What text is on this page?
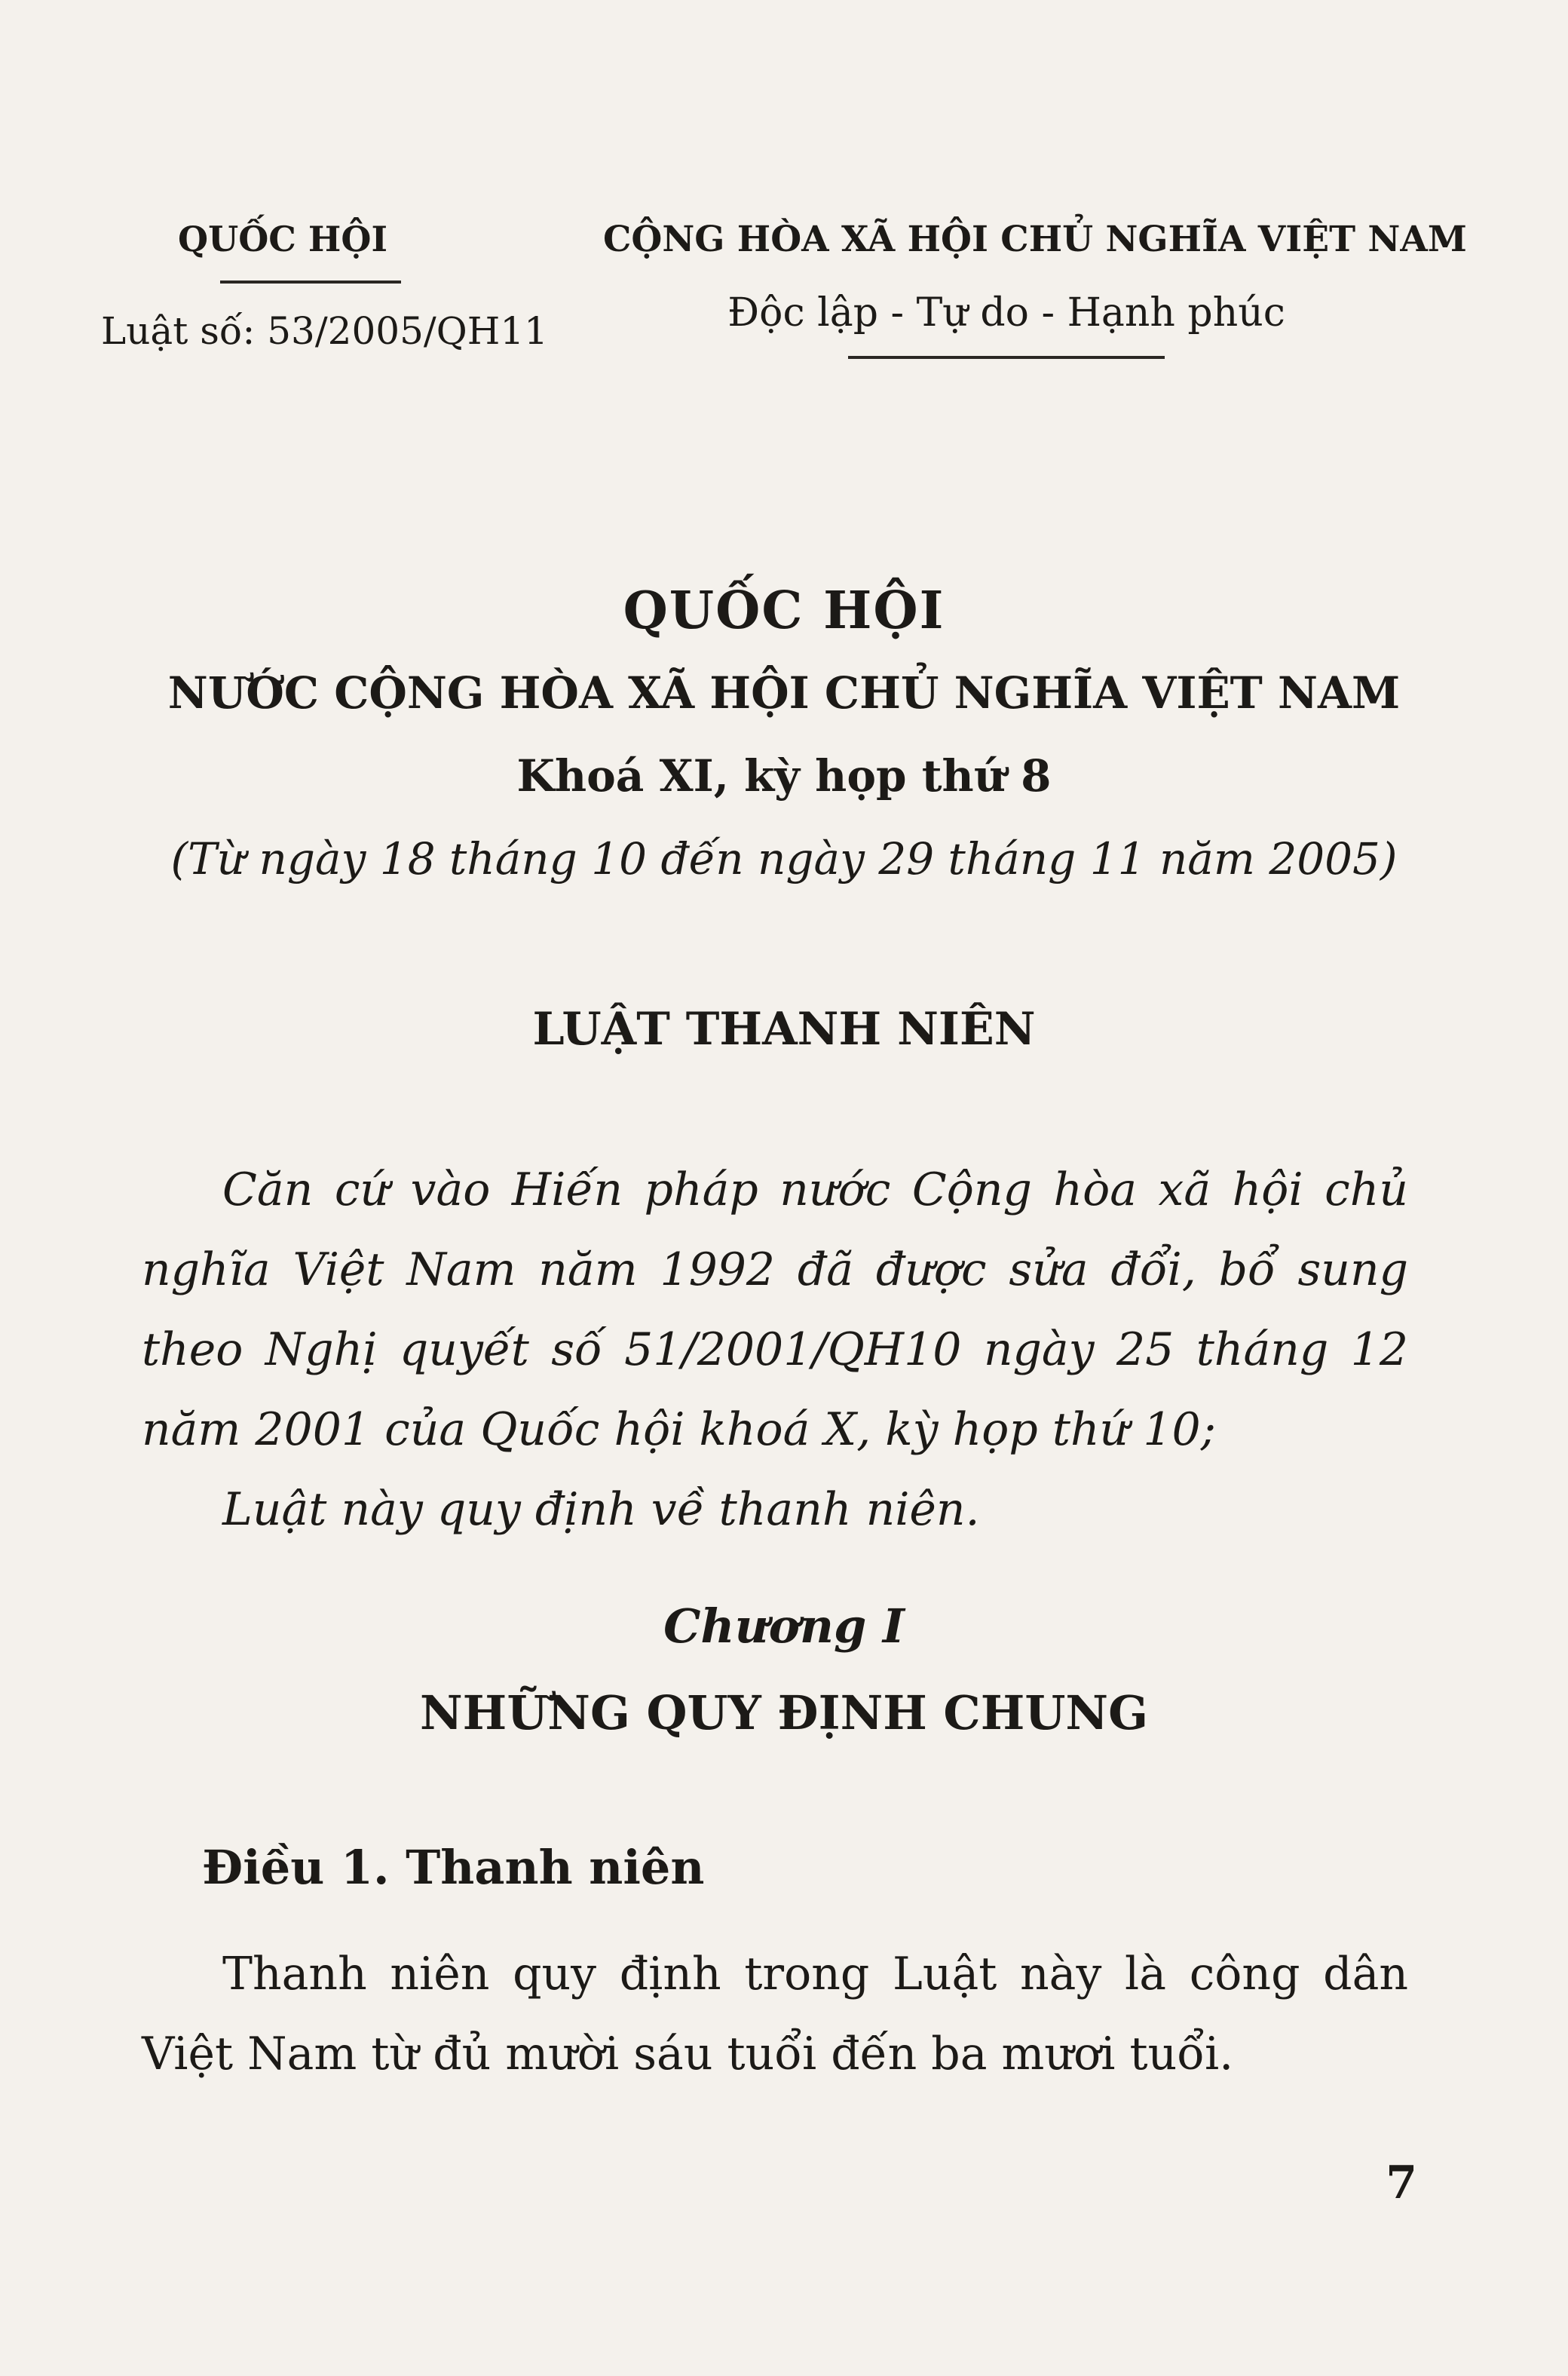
QUỐC HỘI
Luật số: 53/2005/QH11
CỘNG HÒA XÃ HỘI CHỦ NGHĨA VIỆT NAM
Độc lập - Tự do - Hạnh phúc
QUỐC HỘI
NƯỚC CỘNG HÒA XÃ HỘI CHỦ NGHĨA VIỆT NAM
Khoá XI, kỳ họp thứ 8
(Từ ngày 18 tháng 10 đến ngày 29 tháng 11 năm 2005)
LUẬT THANH NIÊN
Căn cứ vào Hiến pháp nước Cộng hòa xã hội chủ
nghĩa Việt Nam năm 1992 đã được sửa đổi, bổ sung
theo Nghị quyết số 51/2001/QH10 ngày 25 tháng 12
năm 2001 của Quốc hội khoá X, kỳ họp thứ 10;
Luật này quy định về thanh niên.
Chương I
NHỮNG QUY ĐỊNH CHUNG
Điều 1. Thanh niên
Thanh niên quy định trong Luật này là công dân
Việt Nam từ đủ mười sáu tuổi đến ba mươi tuổi.
7
